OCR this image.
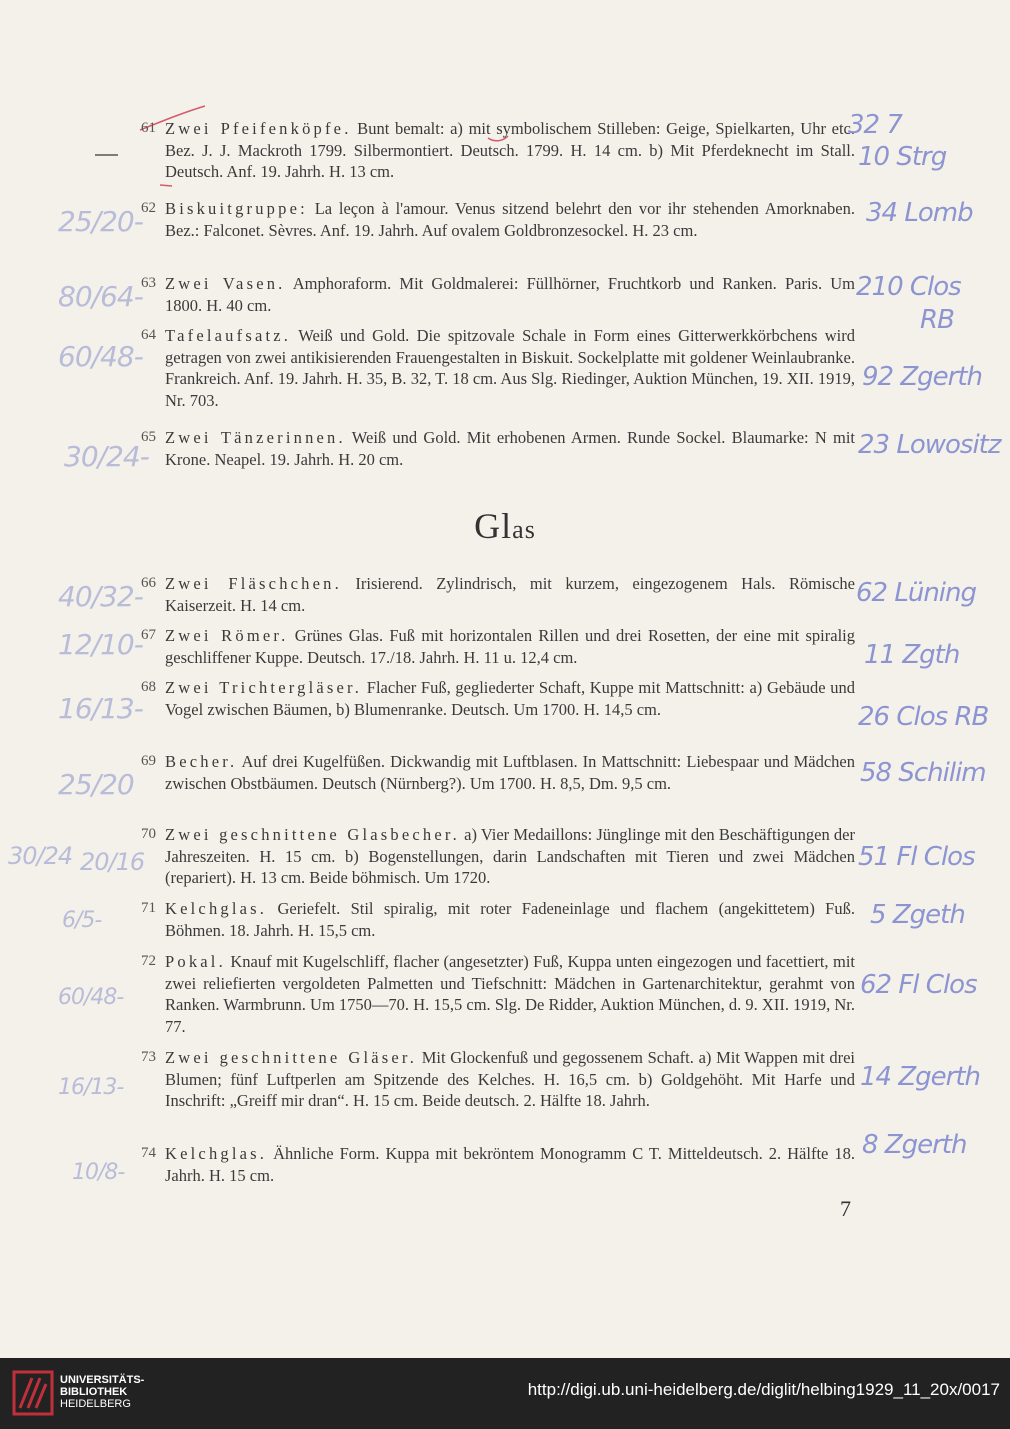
61 Zwei Pfeifenköpfe. Bunt bemalt: a) mit symbolischem Stilleben: Geige, Spielkarten, Uhr etc. Bez. J. J. Mackroth 1799. Silbermontiert. Deutsch. 1799. H. 14 cm. b) Mit Pferdeknecht im Stall. Deutsch. Anf. 19. Jahrh. H. 13 cm.
62 Biskuitgruppe: La leçon à l'amour. Venus sitzend belehrt den vor ihr stehenden Amorknaben. Bez.: Falconet. Sèvres. Anf. 19. Jahrh. Auf ovalem Goldbronzesockel. H. 23 cm.
63 Zwei Vasen. Amphoraform. Mit Goldmalerei: Füllhörner, Fruchtkorb und Ranken. Paris. Um 1800. H. 40 cm.
64 Tafelaufsatz. Weiß und Gold. Die spitzovale Schale in Form eines Gitterwerkkörbchens wird getragen von zwei antikisierenden Frauengestalten in Biskuit. Sockelplatte mit goldener Weinlaubranke. Frankreich. Anf. 19. Jahrh. H. 35, B. 32, T. 18 cm. Aus Slg. Riedinger, Auktion München, 19. XII. 1919, Nr. 703.
65 Zwei Tänzerinnen. Weiß und Gold. Mit erhobenen Armen. Runde Sockel. Blaumarke: N mit Krone. Neapel. 19. Jahrh. H. 20 cm.
Glas
66 Zwei Fläschchen. Irisierend. Zylindrisch, mit kurzem, eingezogenem Hals. Römische Kaiserzeit. H. 14 cm.
67 Zwei Römer. Grünes Glas. Fuß mit horizontalen Rillen und drei Rosetten, der eine mit spiralig geschliffener Kuppe. Deutsch. 17./18. Jahrh. H. 11 u. 12,4 cm.
68 Zwei Trichtergläser. Flacher Fuß, gegliederter Schaft, Kuppe mit Mattschnitt: a) Gebäude und Vogel zwischen Bäumen, b) Blumenranke. Deutsch. Um 1700. H. 14,5 cm.
69 Becher. Auf drei Kugelfüßen. Dickwandig mit Luftblasen. In Mattschnitt: Liebespaar und Mädchen zwischen Obstbäumen. Deutsch (Nürnberg?). Um 1700. H. 8,5, Dm. 9,5 cm.
70 Zwei geschnittene Glasbecher. a) Vier Medaillons: Jünglinge mit den Beschäftigungen der Jahreszeiten. H. 15 cm. b) Bogenstellungen, darin Landschaften mit Tieren und zwei Mädchen (repariert). H. 13 cm. Beide böhmisch. Um 1720.
71 Kelchglas. Geriefelt. Stil spiralig, mit roter Fadeneinlage und flachem (angekittetem) Fuß. Böhmen. 18. Jahrh. H. 15,5 cm.
72 Pokal. Knauf mit Kugelschliff, flacher (angesetzter) Fuß, Kuppa unten eingezogen und facettiert, mit zwei reliefierten vergoldeten Palmetten und Tiefschnitt: Mädchen in Gartenarchitektur, gerahmt von Ranken. Warmbrunn. Um 1750—70. H. 15,5 cm. Slg. De Ridder, Auktion München, d. 9. XII. 1919, Nr. 77.
73 Zwei geschnittene Gläser. Mit Glockenfuß und gegossenem Schaft. a) Mit Wappen mit drei Blumen; fünf Luftperlen am Spitzende des Kelches. H. 16,5 cm. b) Goldgehöht. Mit Harfe und Inschrift: „Greiff mir dran“. H. 15 cm. Beide deutsch. 2. Hälfte 18. Jahrh.
74 Kelchglas. Ähnliche Form. Kuppa mit bekröntem Monogramm C T. Mitteldeutsch. 2. Hälfte 18. Jahrh. H. 15 cm.
7
25/20-
80/64-
60/48-
30/24-
40/32-
12/10-
16/13-
25/20
30/24 20/16
6/5-
60/48-
16/13-
10/8-
32 7
10 Strg
34 Lomb
210 Clos
RB
92 Zgerth
23 Lowositz
62 Lüning
11 Zgth
26 Clos RB
58 Schilim
51 Fl Clos
5 Zgeth
62 Fl Clos
14 Zgerth
8 Zgerth
UNIVERSITÄTS-
BIBLIOTHEK
HEIDELBERG
http://digi.ub.uni-heidelberg.de/diglit/helbing1929_11_20x/0017
